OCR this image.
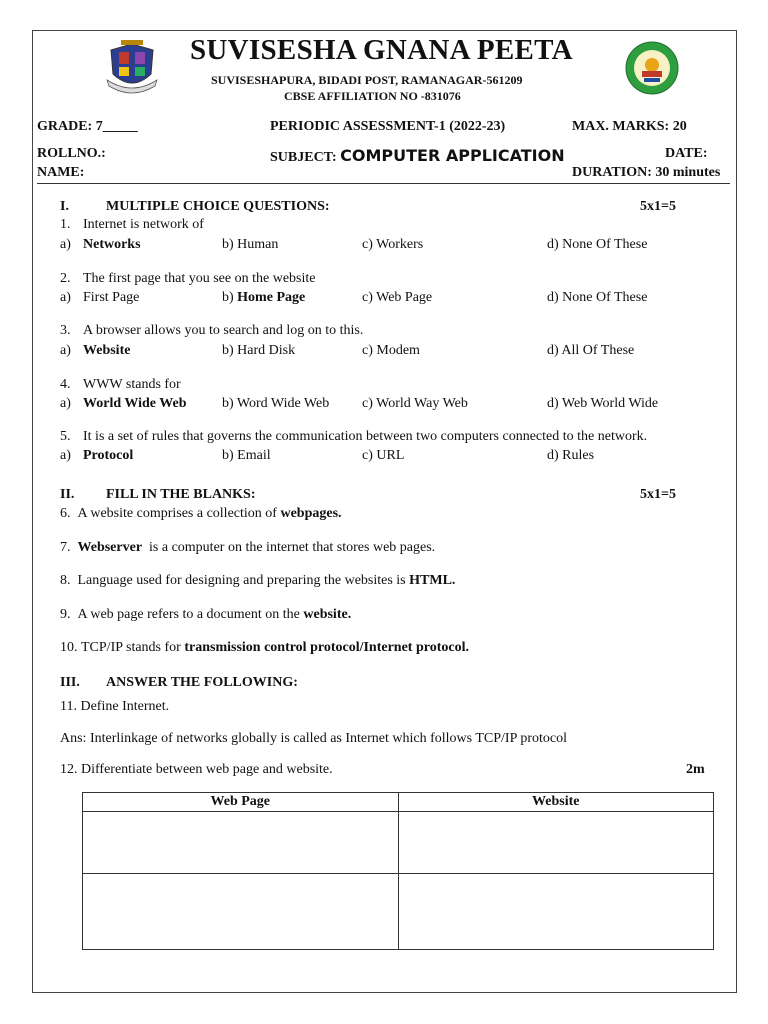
SUVISESHA GNANA PEETA
SUVISESHAPURA, BIDADI POST, RAMANAGAR-561209
CBSE AFFILIATION NO -831076
GRADE: 7_____	PERIODIC ASSESSMENT-1 (2022-23)	MAX. MARKS: 20
ROLLNO.:	SUBJECT: COMPUTER APPLICATION	DATE:
NAME:	DURATION: 30 minutes
I.	MULTIPLE CHOICE QUESTIONS:	5x1=5
1. Internet is network of
a) Networks	b) Human	c) Workers	d) None Of These
2. The first page that you see on the website
a) First Page	b) Home Page	c) Web Page	d) None Of These
3. A browser allows you to search and log on to this.
a) Website	b) Hard Disk	c) Modem	d) All Of These
4. WWW stands for
a) World Wide Web	b) Word Wide Web c) World Way Web	d) Web World Wide
5. It is a set of rules that governs the communication between two computers connected to the network.
a) Protocol	b) Email	c) URL	d) Rules
II. FILL IN THE BLANKS:	5x1=5
6. A website comprises a collection of webpages.
7. Webserver  is a computer on the internet that stores web pages.
8. Language used for designing and preparing the websites is HTML.
9. A web page refers to a document on the website.
10. TCP/IP stands for transmission control protocol/Internet protocol.
III. ANSWER THE FOLLOWING:
11. Define Internet.
Ans: Interlinkage of networks globally is called as Internet which follows TCP/IP protocol
12. Differentiate between web page and website.	2m
Web Page	Website
